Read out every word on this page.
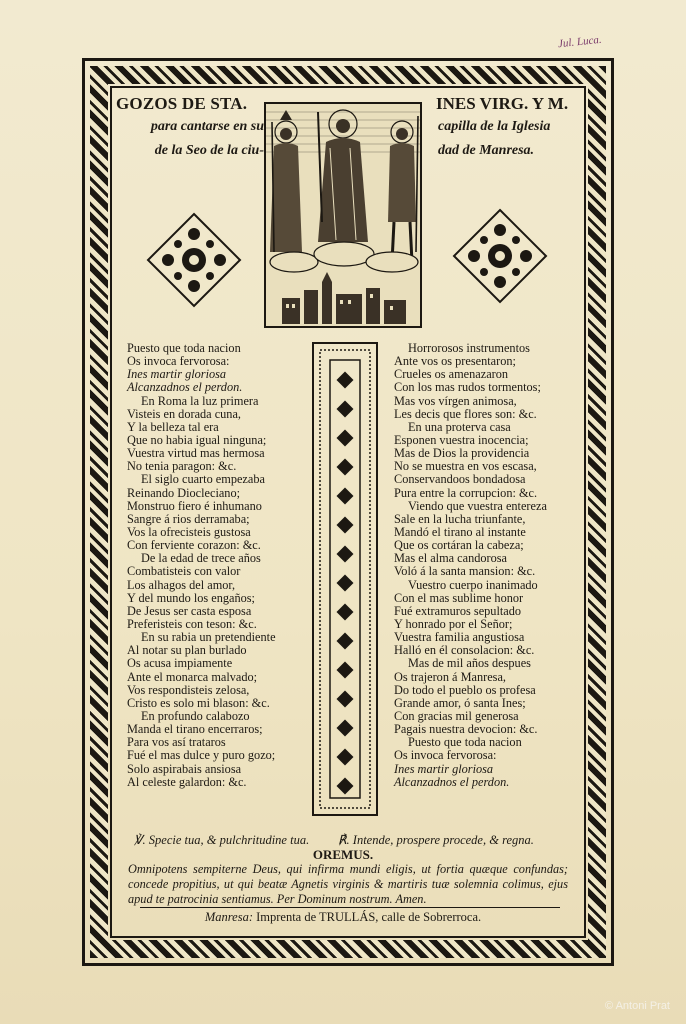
Jul. Luca.
GOZOS DE STA.	INES VIRG. Y M.
para cantarse en su
de la Seo de la ciu-
capilla de la Iglesia
dad de Manresa.
Puesto que toda nacion
Os invoca fervorosa:
Ines martir gloriosa
Alcanzadnos el perdon.
En Roma la luz primera
Visteis en dorada cuna,
Y la belleza tal era
Que no habia igual ninguna;
Vuestra virtud mas hermosa
No tenia paragon: &c.
El siglo cuarto empezaba
Reinando Diocleciano;
Monstruo fiero é inhumano
Sangre á rios derramaba;
Vos la ofrecisteis gustosa
Con ferviente corazon: &c.
De la edad de trece años
Combatisteis con valor
Los alhagos del amor,
Y del mundo los engaños;
De Jesus ser casta esposa
Preferisteis con teson: &c.
En su rabia un pretendiente
Al notar su plan burlado
Os acusa impiamente
Ante el monarca malvado;
Vos respondisteis zelosa,
Cristo es solo mi blason: &c.
En profundo calabozo
Manda el tirano encerraros;
Para vos así trataros
Fué el mas dulce y puro gozo;
Solo aspirabais ansiosa
Al celeste galardon: &c.
Horrorosos instrumentos
Ante vos os presentaron;
Crueles os amenazaron
Con los mas rudos tormentos;
Mas vos vírgen animosa,
Les decis que flores son: &c.
En una proterva casa
Esponen vuestra inocencia;
Mas de Dios la providencia
No se muestra en vos escasa,
Conservandoos bondadosa
Pura entre la corrupcion: &c.
Viendo que vuestra entereza
Sale en la lucha triunfante,
Mandó el tirano al instante
Que os cortáran la cabeza;
Mas el alma candorosa
Voló á la santa mansion: &c.
Vuestro cuerpo inanimado
Con el mas sublime honor
Fué extramuros sepultado
Y honrado por el Señor;
Vuestra familia angustiosa
Halló en él consolacion: &c.
Mas de mil años despues
Os trajeron á Manresa,
Do todo el pueblo os profesa
Grande amor, ó santa Ines;
Con gracias mil generosa
Pagais nuestra devocion: &c.
Puesto que toda nacion
Os invoca fervorosa:
Ines martir gloriosa
Alcanzadnos el perdon.
℣. Specie tua, & pulchritudine tua. ℟. Intende, prospere procede, & regna.
OREMUS.
Omnipotens sempiterne Deus, qui infirma mundi eligis, ut fortia quæque confundas; concede propitius, ut qui beatæ Agnetis virginis & martiris tuæ solemnia colimus, ejus apud te patrocinia sentiamus. Per Dominum nostrum. Amen.
Manresa: Imprenta de TRULLÁS, calle de Sobrerroca.
© Antoni Prat
